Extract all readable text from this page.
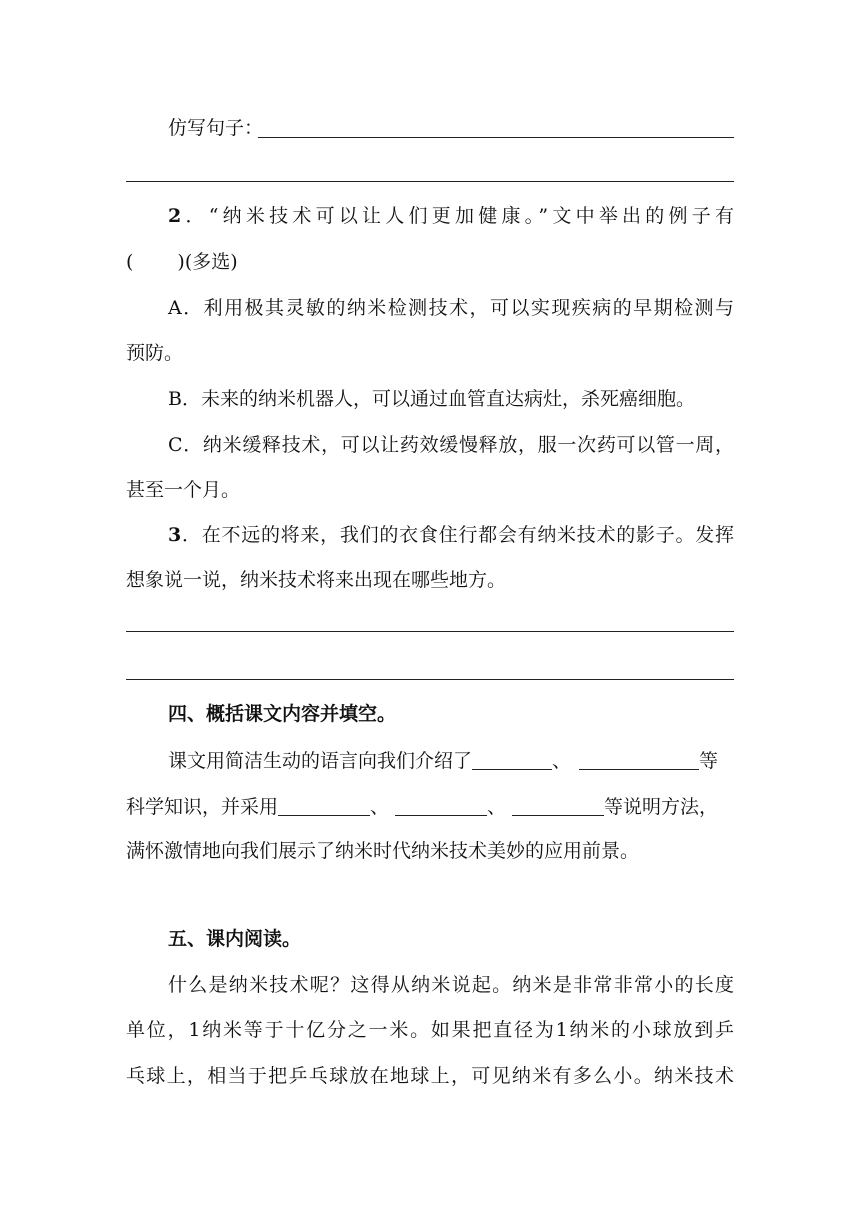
仿写句子：
2．“纳米技术可以让人们更加健康。”文中举出的例子有
( )(多选)
A．利用极其灵敏的纳米检测技术，可以实现疾病的早期检测与
预防。
B．未来的纳米机器人，可以通过血管直达病灶，杀死癌细胞。
C．纳米缓释技术，可以让药效缓慢释放，服一次药可以管一周，
甚至一个月。
3．在不远的将来，我们的衣食住行都会有纳米技术的影子。发挥
想象说一说，纳米技术将来出现在哪些地方。
四、概括课文内容并填空。
课文用简洁生动的语言向我们介绍了	、	等
科学知识，并采用	、	、	等说明方法，
满怀激情地向我们展示了纳米时代纳米技术美妙的应用前景。
五、课内阅读。
什么是纳米技术呢？这得从纳米说起。纳米是非常非常小的长度
单位，1纳米等于十亿分之一米。如果把直径为1纳米的小球放到乒
乓球上，相当于把乒乓球放在地球上，可见纳米有多么小。纳米技术
